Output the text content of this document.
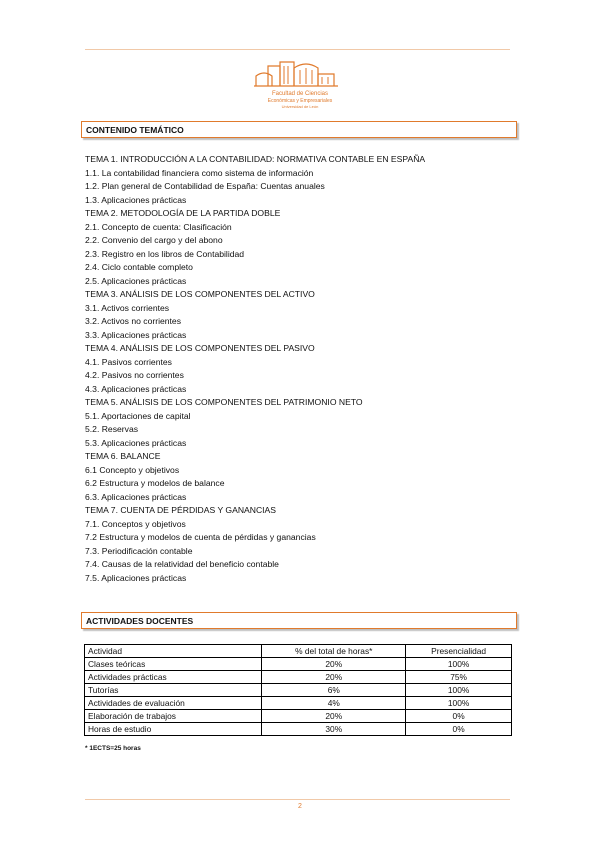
Facultad de Ciencias
Económicas y Empresariales
Universidad de León
CONTENIDO TEMÁTICO
TEMA 1. INTRODUCCIÓN A LA CONTABILIDAD: NORMATIVA CONTABLE EN ESPAÑA
1.1. La contabilidad financiera como sistema de información
1.2. Plan general de Contabilidad de España: Cuentas anuales
1.3. Aplicaciones prácticas
TEMA 2. METODOLOGÍA DE LA PARTIDA DOBLE
2.1. Concepto de cuenta: Clasificación
2.2. Convenio del cargo y del abono
2.3. Registro en los libros de Contabilidad
2.4. Ciclo contable completo
2.5. Aplicaciones prácticas
TEMA 3. ANÁLISIS DE LOS COMPONENTES DEL ACTIVO
3.1. Activos corrientes
3.2. Activos no corrientes
3.3. Aplicaciones prácticas
TEMA 4. ANÁLISIS DE LOS COMPONENTES DEL PASIVO
4.1. Pasivos corrientes
4.2. Pasivos no corrientes
4.3. Aplicaciones prácticas
TEMA 5. ANÁLISIS DE LOS COMPONENTES DEL PATRIMONIO NETO
5.1. Aportaciones de capital
5.2. Reservas
5.3. Aplicaciones prácticas
TEMA 6. BALANCE
6.1 Concepto y objetivos
6.2 Estructura y modelos de balance
6.3. Aplicaciones prácticas
TEMA 7. CUENTA DE PÉRDIDAS Y GANANCIAS
7.1. Conceptos y objetivos
7.2 Estructura y modelos de cuenta de pérdidas y ganancias
7.3. Periodificación contable
7.4. Causas de la relatividad del beneficio contable
7.5. Aplicaciones prácticas
ACTIVIDADES DOCENTES
Actividad	% del total de horas*	Presencialidad
Clases teóricas	20%	100%
Actividades prácticas	20%	75%
Tutorías	6%	100%
Actividades de evaluación	4%	100%
Elaboración de trabajos	20%	0%
Horas de estudio	30%	0%
* 1ECTS=25 horas
2
